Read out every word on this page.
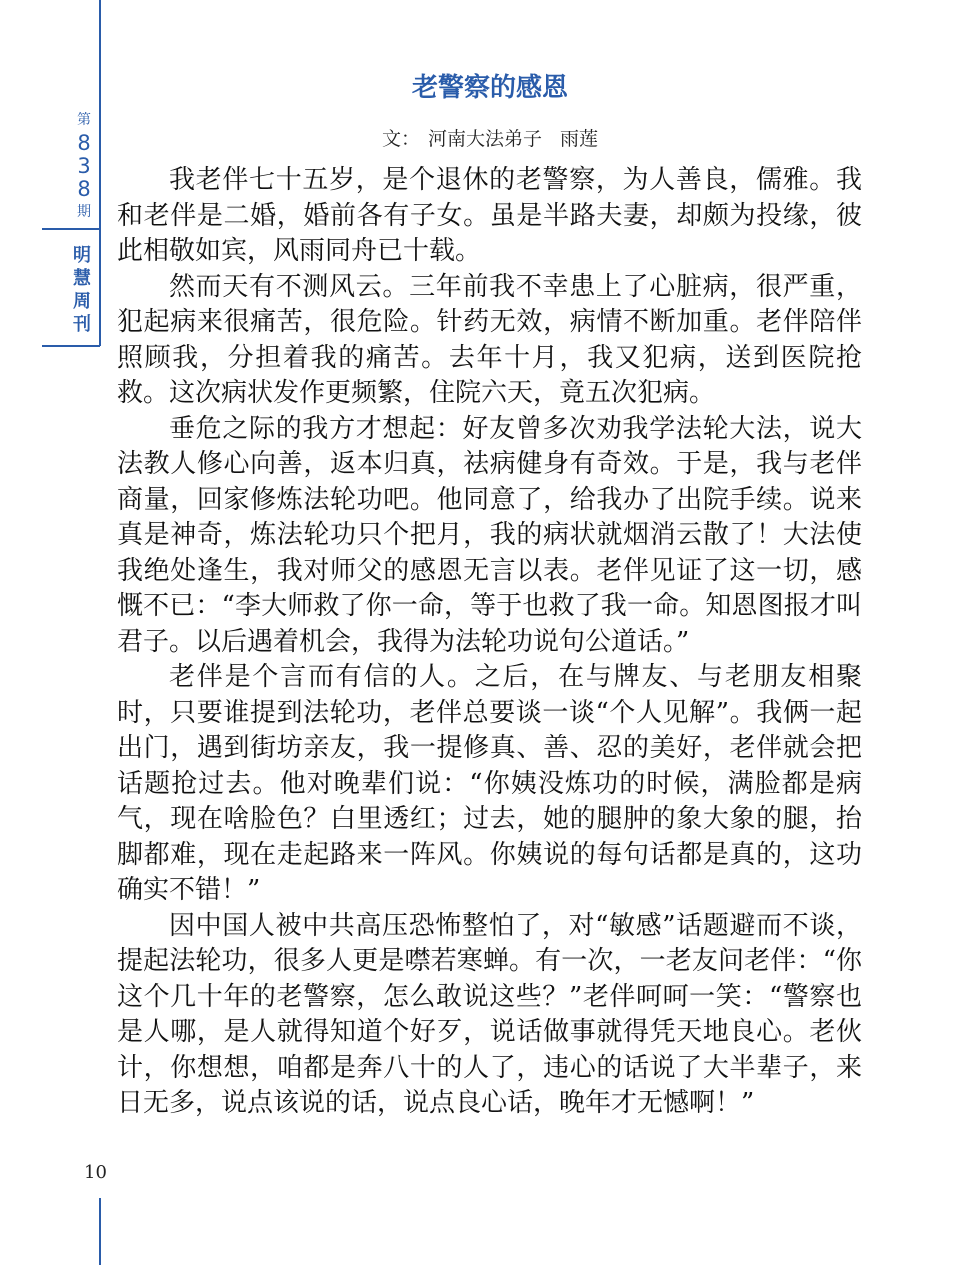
第
8
3
8
期
明
慧
周
刊
10
老警察的感恩
文： 河南大法弟子 雨莲

我老伴七十五岁，是个退休的老警察，为人善良，儒雅。我和老伴是二婚，婚前各有子女。虽是半路夫妻，却颇为投缘，彼此相敬如宾，风雨同舟已十载。

然而天有不测风云。三年前我不幸患上了心脏病，很严重，犯起病来很痛苦，很危险。针药无效，病情不断加重。老伴陪伴照顾我，分担着我的痛苦。去年十月，我又犯病，送到医院抢救。这次病状发作更频繁，住院六天，竟五次犯病。

垂危之际的我方才想起：好友曾多次劝我学法轮大法，说大法教人修心向善，返本归真，祛病健身有奇效。于是，我与老伴商量，回家修炼法轮功吧。他同意了，给我办了出院手续。说来真是神奇，炼法轮功只个把月，我的病状就烟消云散了！大法使我绝处逢生，我对师父的感恩无言以表。老伴见证了这一切，感慨不已：“李大师救了你一命，等于也救了我一命。知恩图报才叫君子。以后遇着机会，我得为法轮功说句公道话。”

老伴是个言而有信的人。之后，在与牌友、与老朋友相聚时，只要谁提到法轮功，老伴总要谈一谈“个人见解”。我俩一起出门，遇到街坊亲友，我一提修真、善、忍的美好，老伴就会把话题抢过去。他对晚辈们说：“你姨没炼功的时候，满脸都是病气，现在啥脸色？白里透红；过去，她的腿肿的象大象的腿，抬脚都难，现在走起路来一阵风。你姨说的每句话都是真的，这功确实不错！”

因中国人被中共高压恐怖整怕了，对“敏感”话题避而不谈，提起法轮功，很多人更是噤若寒蝉。有一次，一老友问老伴：“你这个几十年的老警察，怎么敢说这些？”老伴呵呵一笑：“警察也是人哪，是人就得知道个好歹，说话做事就得凭天地良心。老伙计，你想想，咱都是奔八十的人了，违心的话说了大半辈子，来日无多，说点该说的话，说点良心话，晚年才无憾啊！”
